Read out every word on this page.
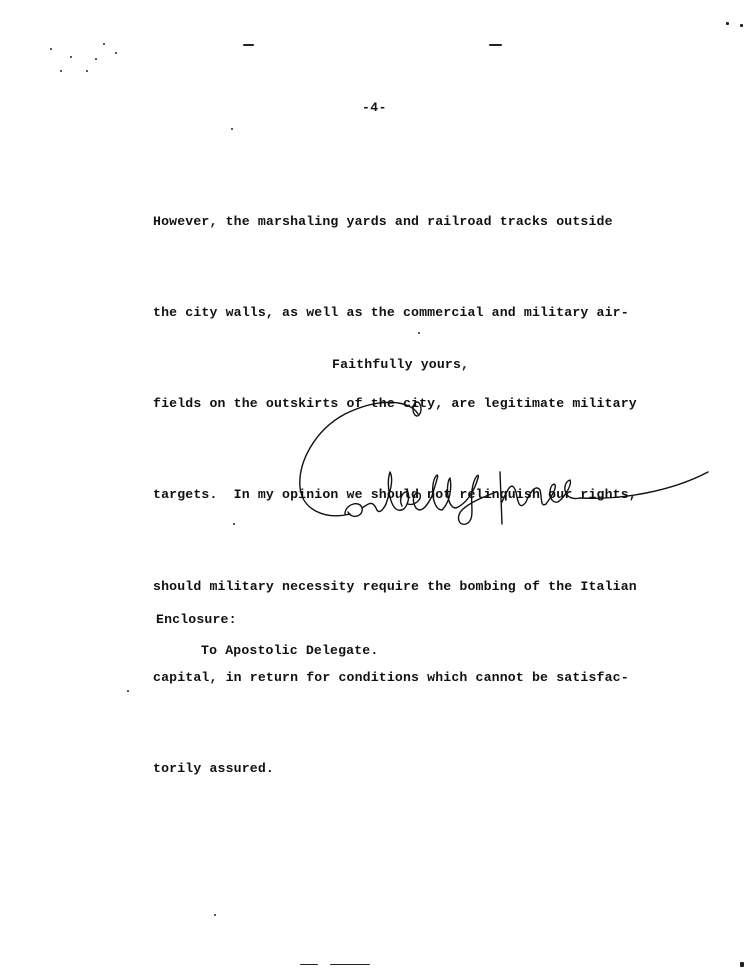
-4-

However, the marshaling yards and railroad tracks outside

the city walls, as well as the commercial and military air-

fields on the outskirts of the city, are legitimate military

targets.  In my opinion we should not relinquish our rights,

should military necessity require the bombing of the Italian

capital, in return for conditions which cannot be satisfac-

torily assured.

Faithfully yours,
Enclosure:
To Apostolic Delegate.
